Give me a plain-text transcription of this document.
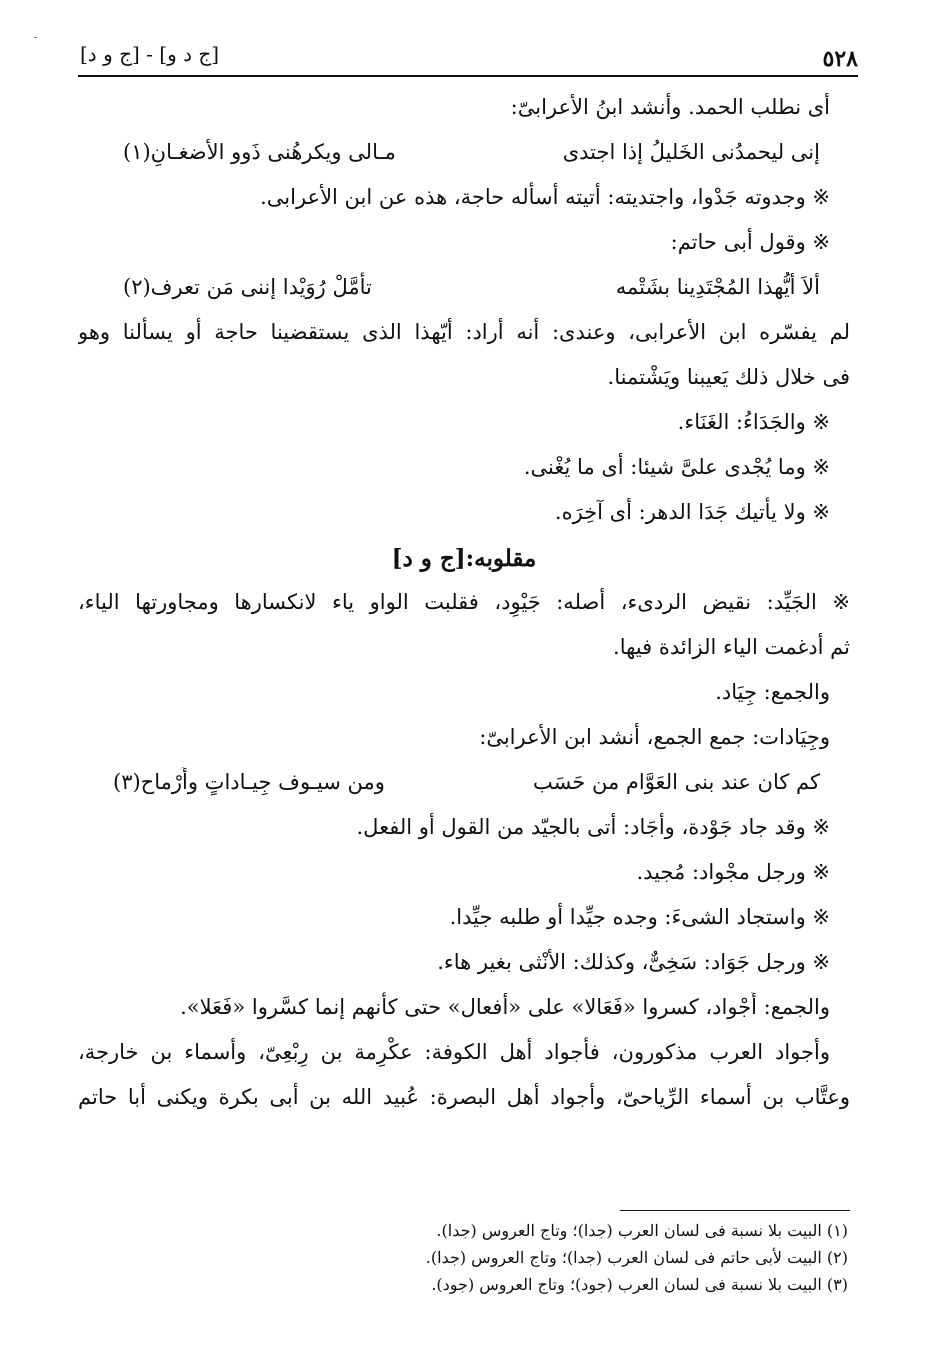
[ج د و] - [ج و د]	٥٢٨

أى نطلب الحمد. وأنشد ابنُ الأعرابىّ:

إنى ليحمدُنى الخَليلُ إذا اجتدى
مـالى ويكرهُنى ذَوو الأضغـانِ(١)

※ وجدوته جَدْوا، واجتديته: أتيته أسأله حاجة، هذه عن ابن الأعرابى.

※ وقول أبى حاتم:

ألاَ أيُّهذا المُجْتَدِينا بشَتْمه
تأمَّلْ رُوَيْدا إننى مَن تعرف(٢)

لم يفسّره ابن الأعرابى، وعندى: أنه أراد: أيّهذا الذى يستقضينا حاجة أو يسألنا وهو

فى خلال ذلك يَعيبنا ويَشْتمنا.

※ والجَدَاءُ: الغَنَاء.

※ وما يُجْدى علىَّ شيئا: أى ما يُغْنى.

※ ولا يأتيك جَدَا الدهر: أى آخِرَه.

مقلوبه:[ج و د]

※ الجَيِّد: نقيض الردىء، أصله: جَيْوِد، فقلبت الواو ياء لانكسارها ومجاورتها الياء،

ثم أدغمت الياء الزائدة فيها.

والجمع: جِيَاد.

وجِيَادات: جمع الجمع، أنشد ابن الأعرابىّ:

كم كان عند بنى العَوَّام من حَسَب
ومن سيـوف جِيـاداتٍ وأَرْماح(٣)

※ وقد جاد جَوْدة، وأجَاد: أتى بالجيّد من القول أو الفعل.

※ ورجل مجْواد: مُجيد.

※ واستجاد الشىءَ: وجده جيِّدا أو طلبه جيِّدا.

※ ورجل جَوَاد: سَخِىٌّ، وكذلك: الأنْثى بغير هاء.

والجمع: أَجْواد، كسروا «فَعَالا» على «أفعال» حتى كأنهم إنما كسَّروا «فَعَلا».

وأجواد العرب مذكورون، فأجواد أهل الكوفة: عكْرِمة بن رِبْعِىّ، وأسماء بن خارجة،

وعتَّاب بن أسماء الرِّياحىّ، وأجواد أهل البصرة: عُبيد الله بن أبى بكرة ويكنى أبا حاتم

(١) البيت بلا نسبة فى لسان العرب (جدا)؛ وتاج العروس (جدا).
(٢) البيت لأبى حاتم فى لسان العرب (جدا)؛ وتاج العروس (جدا).
(٣) البيت بلا نسبة فى لسان العرب (جود)؛ وتاج العروس (جود).
